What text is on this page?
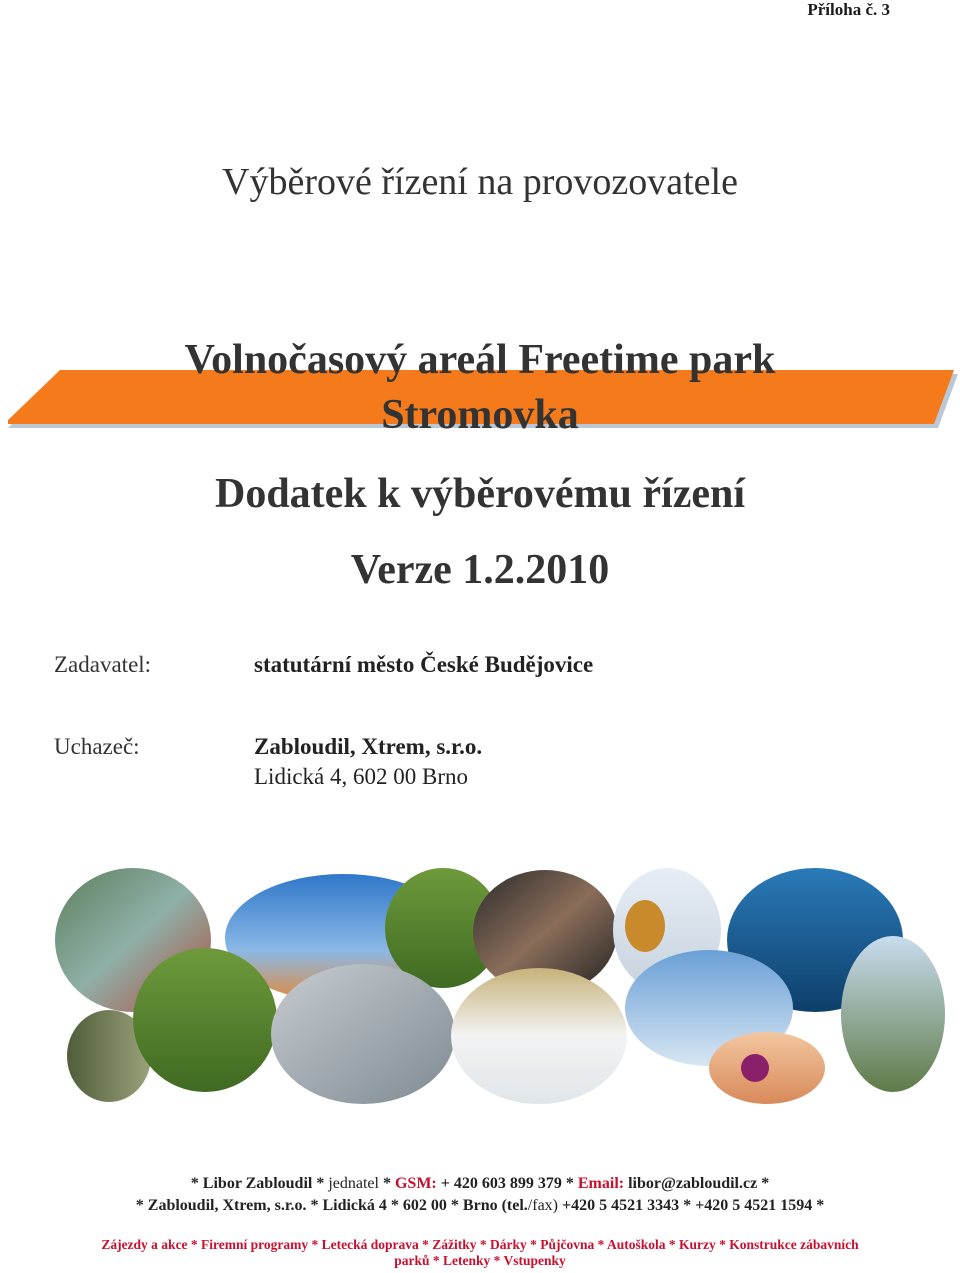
Příloha č. 3
Výběrové řízení na provozovatele
Volnočasový areál Freetime park
Stromovka
Dodatek k výběrovému řízení
Verze 1.2.2010
Zadavatel:	statutární město České Budějovice
Uchazeč:	Zabloudil, Xtrem, s.r.o.
Lidická 4, 602 00 Brno
* Libor Zabloudil * jednatel * GSM: + 420 603 899 379 * Email: libor@zabloudil.cz *
* Zabloudil, Xtrem, s.r.o. * Lidická 4 * 602 00 * Brno (tel./fax) +420 5 4521 3343 * +420 5 4521 1594 *
Zájezdy a akce * Firemní programy * Letecká doprava * Zážitky * Dárky * Půjčovna * Autoškola * Kurzy * Konstrukce zábavních
parků * Letenky * Vstupenky
